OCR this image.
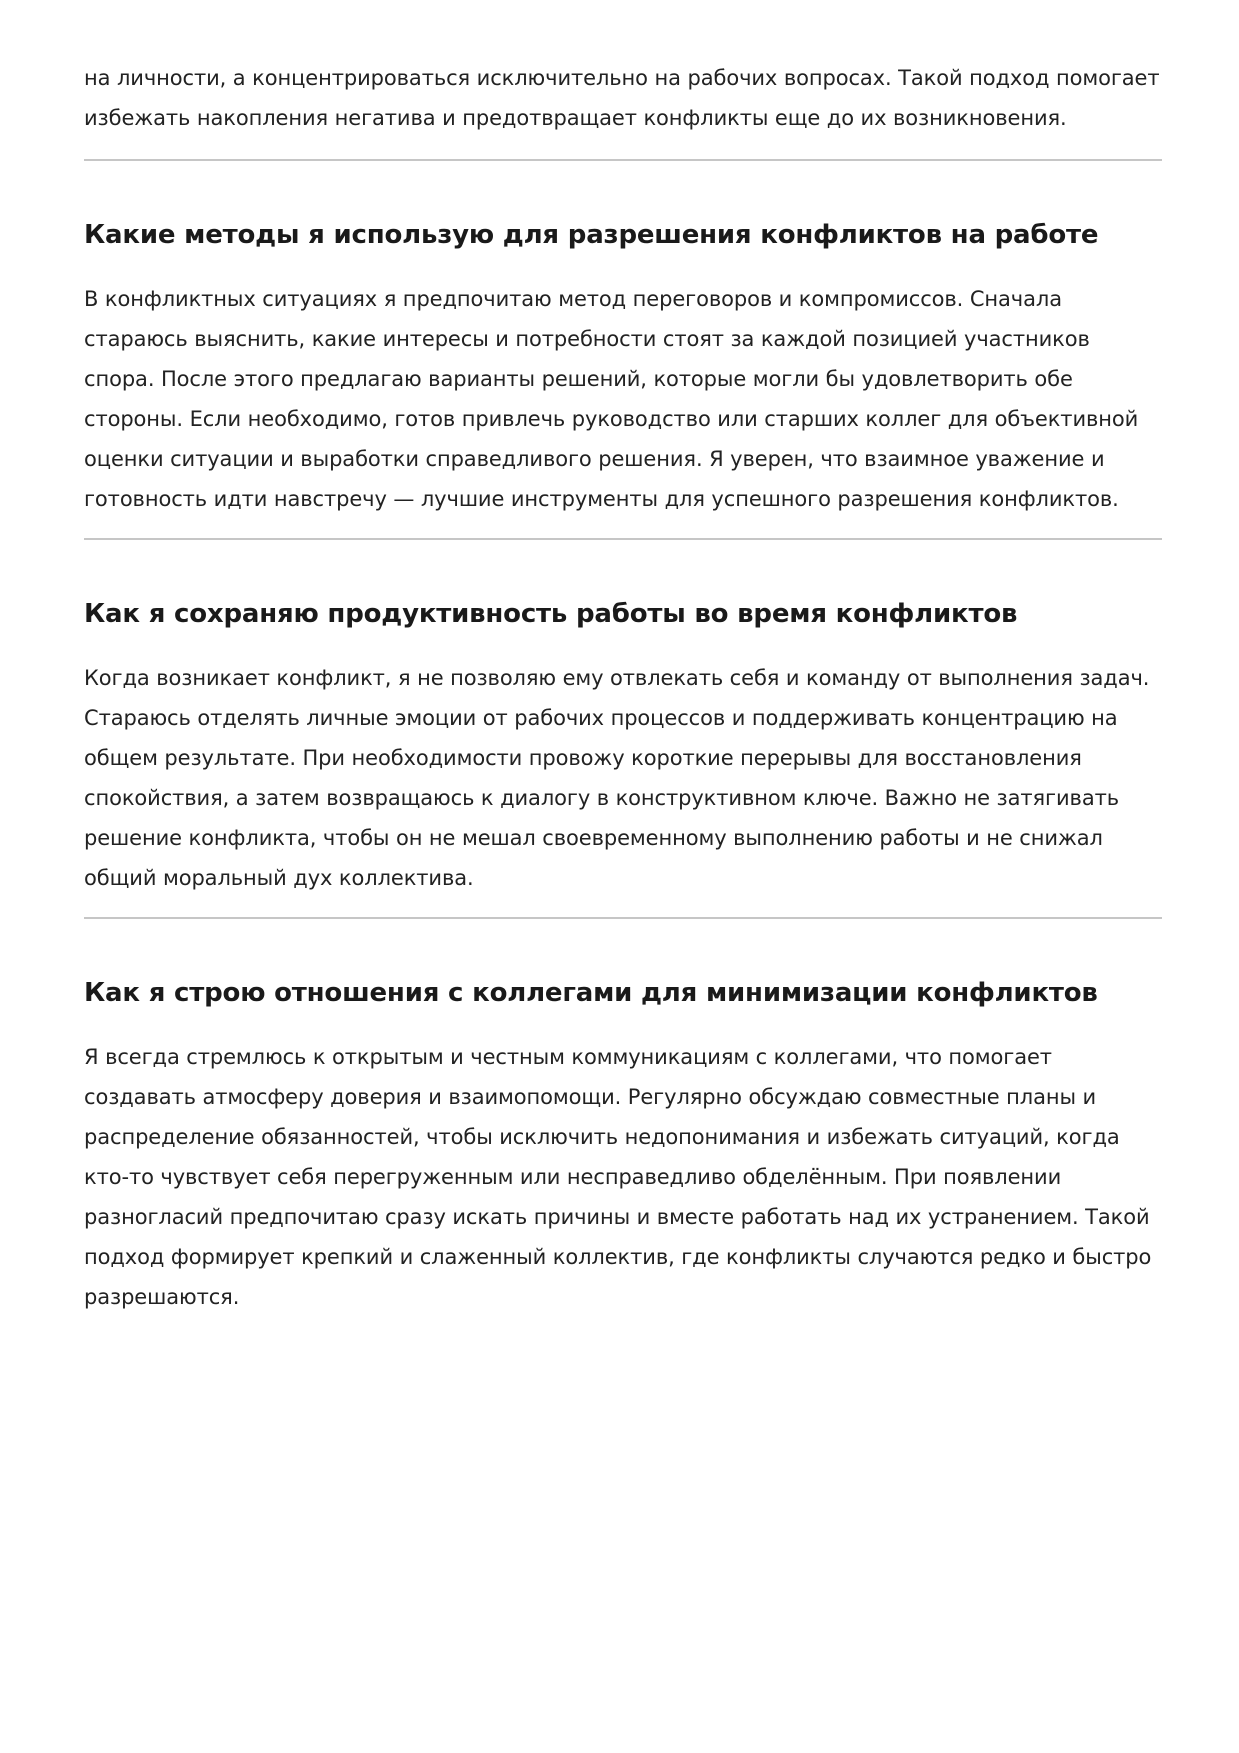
на личности, а концентрироваться исключительно на рабочих вопросах. Такой подход помогает избежать накопления негатива и предотвращает конфликты еще до их возникновения.

Какие методы я использую для разрешения конфликтов на работе

В конфликтных ситуациях я предпочитаю метод переговоров и компромиссов. Сначала стараюсь выяснить, какие интересы и потребности стоят за каждой позицией участников спора. После этого предлагаю варианты решений, которые могли бы удовлетворить обе стороны. Если необходимо, готов привлечь руководство или старших коллег для объективной оценки ситуации и выработки справедливого решения. Я уверен, что взаимное уважение и готовность идти навстречу — лучшие инструменты для успешного разрешения конфликтов.

Как я сохраняю продуктивность работы во время конфликтов

Когда возникает конфликт, я не позволяю ему отвлекать себя и команду от выполнения задач. Стараюсь отделять личные эмоции от рабочих процессов и поддерживать концентрацию на общем результате. При необходимости провожу короткие перерывы для восстановления спокойствия, а затем возвращаюсь к диалогу в конструктивном ключе. Важно не затягивать решение конфликта, чтобы он не мешал своевременному выполнению работы и не снижал общий моральный дух коллектива.

Как я строю отношения с коллегами для минимизации конфликтов

Я всегда стремлюсь к открытым и честным коммуникациям с коллегами, что помогает создавать атмосферу доверия и взаимопомощи. Регулярно обсуждаю совместные планы и распределение обязанностей, чтобы исключить недопонимания и избежать ситуаций, когда кто-то чувствует себя перегруженным или несправедливо обделённым. При появлении разногласий предпочитаю сразу искать причины и вместе работать над их устранением. Такой подход формирует крепкий и слаженный коллектив, где конфликты случаются редко и быстро разрешаются.
